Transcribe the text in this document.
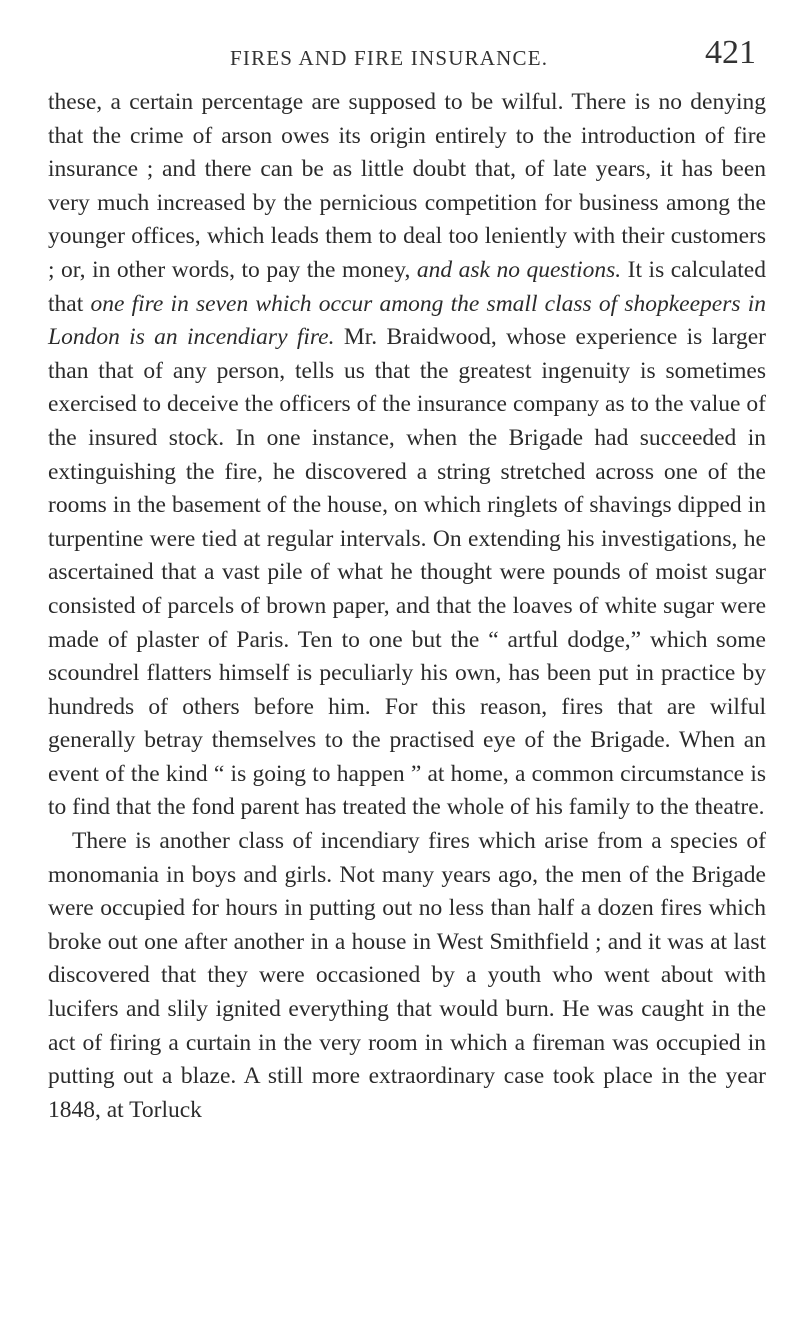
FIRES AND FIRE INSURANCE.	421

these, a certain percentage are supposed to be wilful. There is no denying that the crime of arson owes its origin entirely to the introduction of fire insurance ; and there can be as little doubt that, of late years, it has been very much increased by the pernicious competition for business among the younger offices, which leads them to deal too leniently with their customers ; or, in other words, to pay the money, and ask no questions. It is calculated that one fire in seven which occur among the small class of shopkeepers in London is an incendiary fire. Mr. Braidwood, whose experience is larger than that of any person, tells us that the greatest ingenuity is sometimes exercised to deceive the officers of the insurance company as to the value of the insured stock. In one instance, when the Brigade had succeeded in extinguishing the fire, he discovered a string stretched across one of the rooms in the basement of the house, on which ringlets of shavings dipped in turpentine were tied at regular intervals. On extending his investigations, he ascertained that a vast pile of what he thought were pounds of moist sugar consisted of parcels of brown paper, and that the loaves of white sugar were made of plaster of Paris. Ten to one but the “ artful dodge,” which some scoundrel flatters himself is peculiarly his own, has been put in practice by hundreds of others before him. For this reason, fires that are wilful generally betray themselves to the practised eye of the Brigade. When an event of the kind “ is going to happen ” at home, a common circumstance is to find that the fond parent has treated the whole of his family to the theatre.

There is another class of incendiary fires which arise from a species of monomania in boys and girls. Not many years ago, the men of the Brigade were occupied for hours in putting out no less than half a dozen fires which broke out one after another in a house in West Smithfield ; and it was at last discovered that they were occasioned by a youth who went about with lucifers and slily ignited everything that would burn. He was caught in the act of firing a curtain in the very room in which a fireman was occupied in putting out a blaze. A still more extraordinary case took place in the year 1848, at Torluck
